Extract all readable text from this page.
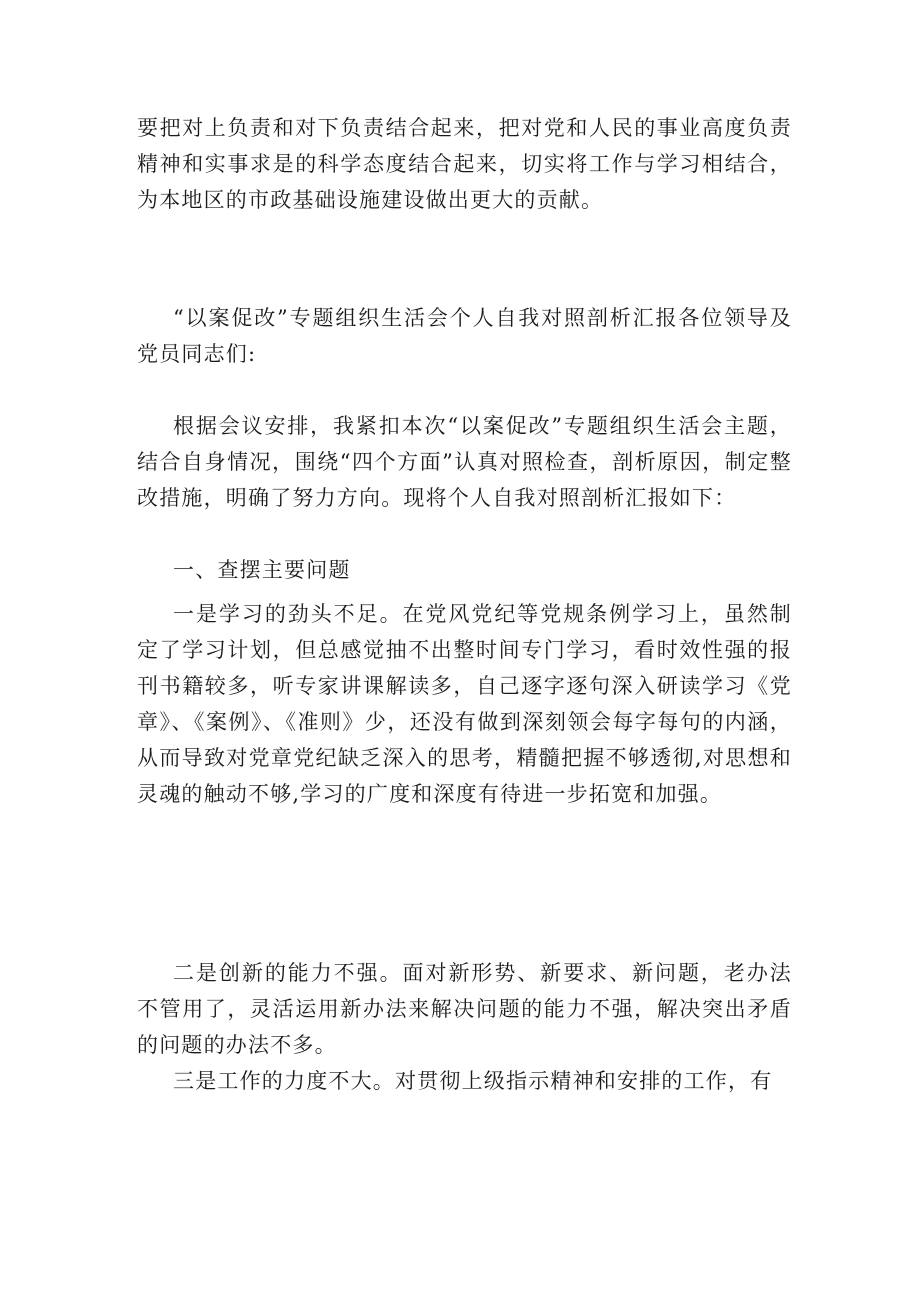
要把对上负责和对下负责结合起来，把对党和人民的事业高度负责精神和实事求是的科学态度结合起来，切实将工作与学习相结合，为本地区的市政基础设施建设做出更大的贡献。

“以案促改”专题组织生活会个人自我对照剖析汇报各位领导及党员同志们:

根据会议安排，我紧扣本次“以案促改”专题组织生活会主题，结合自身情况，围绕“四个方面”认真对照检查，剖析原因，制定整改措施，明确了努力方向。现将个人自我对照剖析汇报如下：

一、查摆主要问题

一是学习的劲头不足。在党风党纪等党规条例学习上，虽然制定了学习计划，但总感觉抽不出整时间专门学习，看时效性强的报刊书籍较多，听专家讲课解读多，自己逐字逐句深入研读学习《党章》、《案例》、《准则》少，还没有做到深刻领会每字每句的内涵，从而导致对党章党纪缺乏深入的思考，精髓把握不够透彻,对思想和灵魂的触动不够,学习的广度和深度有待进一步拓宽和加强。

二是创新的能力不强。面对新形势、新要求、新问题，老办法不管用了，灵活运用新办法来解决问题的能力不强，解决突出矛盾的问题的办法不多。

三是工作的力度不大。对贯彻上级指示精神和安排的工作，有
